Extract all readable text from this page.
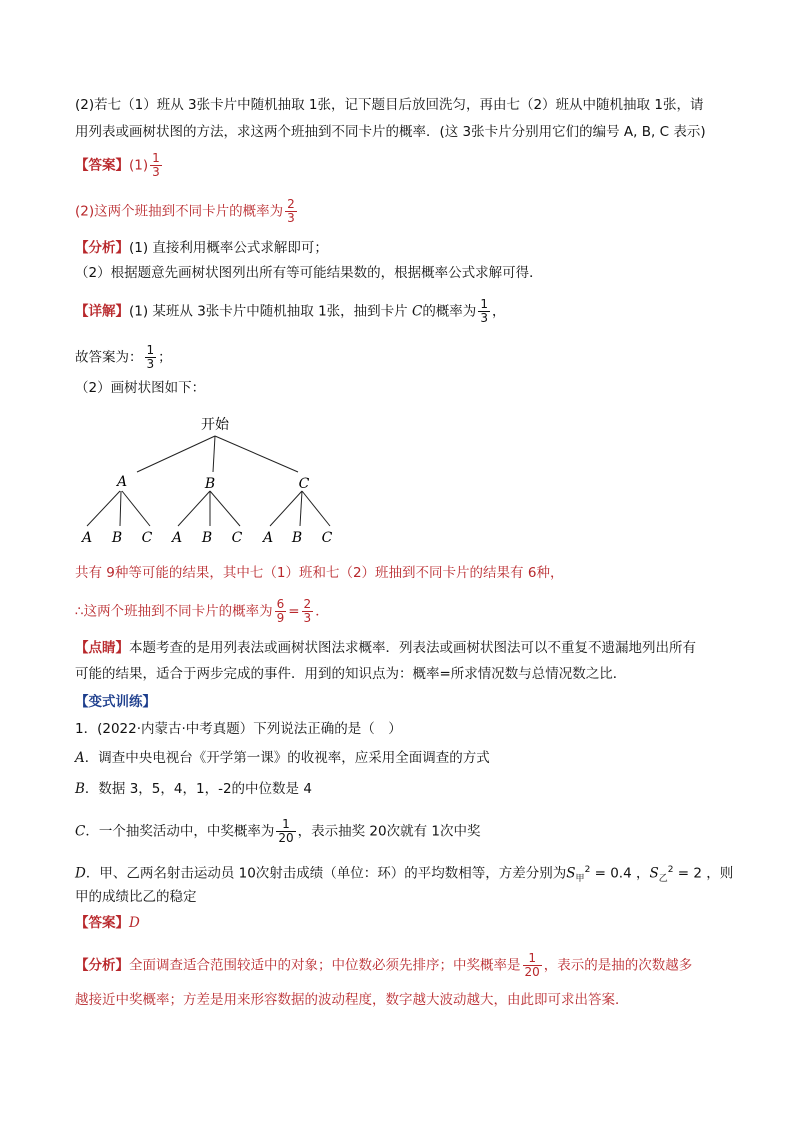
(2)若七（1）班从 3张卡片中随机抽取 1张，记下题目后放回洗匀，再由七（2）班从中随机抽取 1张，请
用列表或画树状图的方法，求这两个班抽到不同卡片的概率．(这 3张卡片分别用它们的编号 A, B, C 表示)
【答案】$(1) \frac{1}{3}$
(2)这两个班抽到不同卡片的概率为 $\frac{2}{3}$
【分析】(1) 直接利用概率公式求解即可；
（2）根据题意先画树状图列出所有等可能结果数的，根据概率公式求解可得．
【详解】(1) 某班从 3张卡片中随机抽取 1张，抽到卡片 C的概率为 $\frac{1}{3}$ ，
故答案为： $\frac{1}{3}$ ；
（2）画树状图如下：
开始
A	B	C
A B C A B C A B C
共有 9种等可能的结果，其中七（1）班和七（2）班抽到不同卡片的结果有 6种，
∴这两个班抽到不同卡片的概率为 $\frac{6}{9} = \frac{2}{3}$ ．
【点睛】本题考查的是用列表法或画树状图法求概率．列表法或画树状图法可以不重复不遗漏地列出所有
可能的结果，适合于两步完成的事件．用到的知识点为：概率=所求情况数与总情况数之比．
【变式训练】
1．(2022·内蒙古·中考真题）下列说法正确的是（　）
A．调查中央电视台《开学第一课》的收视率，应采用全面调查的方式
B．数据 3，5，4，1，-2的中位数是 4
C．一个抽奖活动中，中奖概率为 $\frac{1}{20}$ ，表示抽奖 20次就有 1次中奖
D．甲、乙两名射击运动员 10次射击成绩（单位：环）的平均数相等，方差分别为$S_甲^2 = 0.4$ ，$S_乙^2 = 2$ ，则
甲的成绩比乙的稳定
【答案】D
【分析】全面调查适合范围较适中的对象；中位数必须先排序；中奖概率是 $\frac{1}{20}$ ，表示的是抽的次数越多
越接近中奖概率；方差是用来形容数据的波动程度，数字越大波动越大，由此即可求出答案．
